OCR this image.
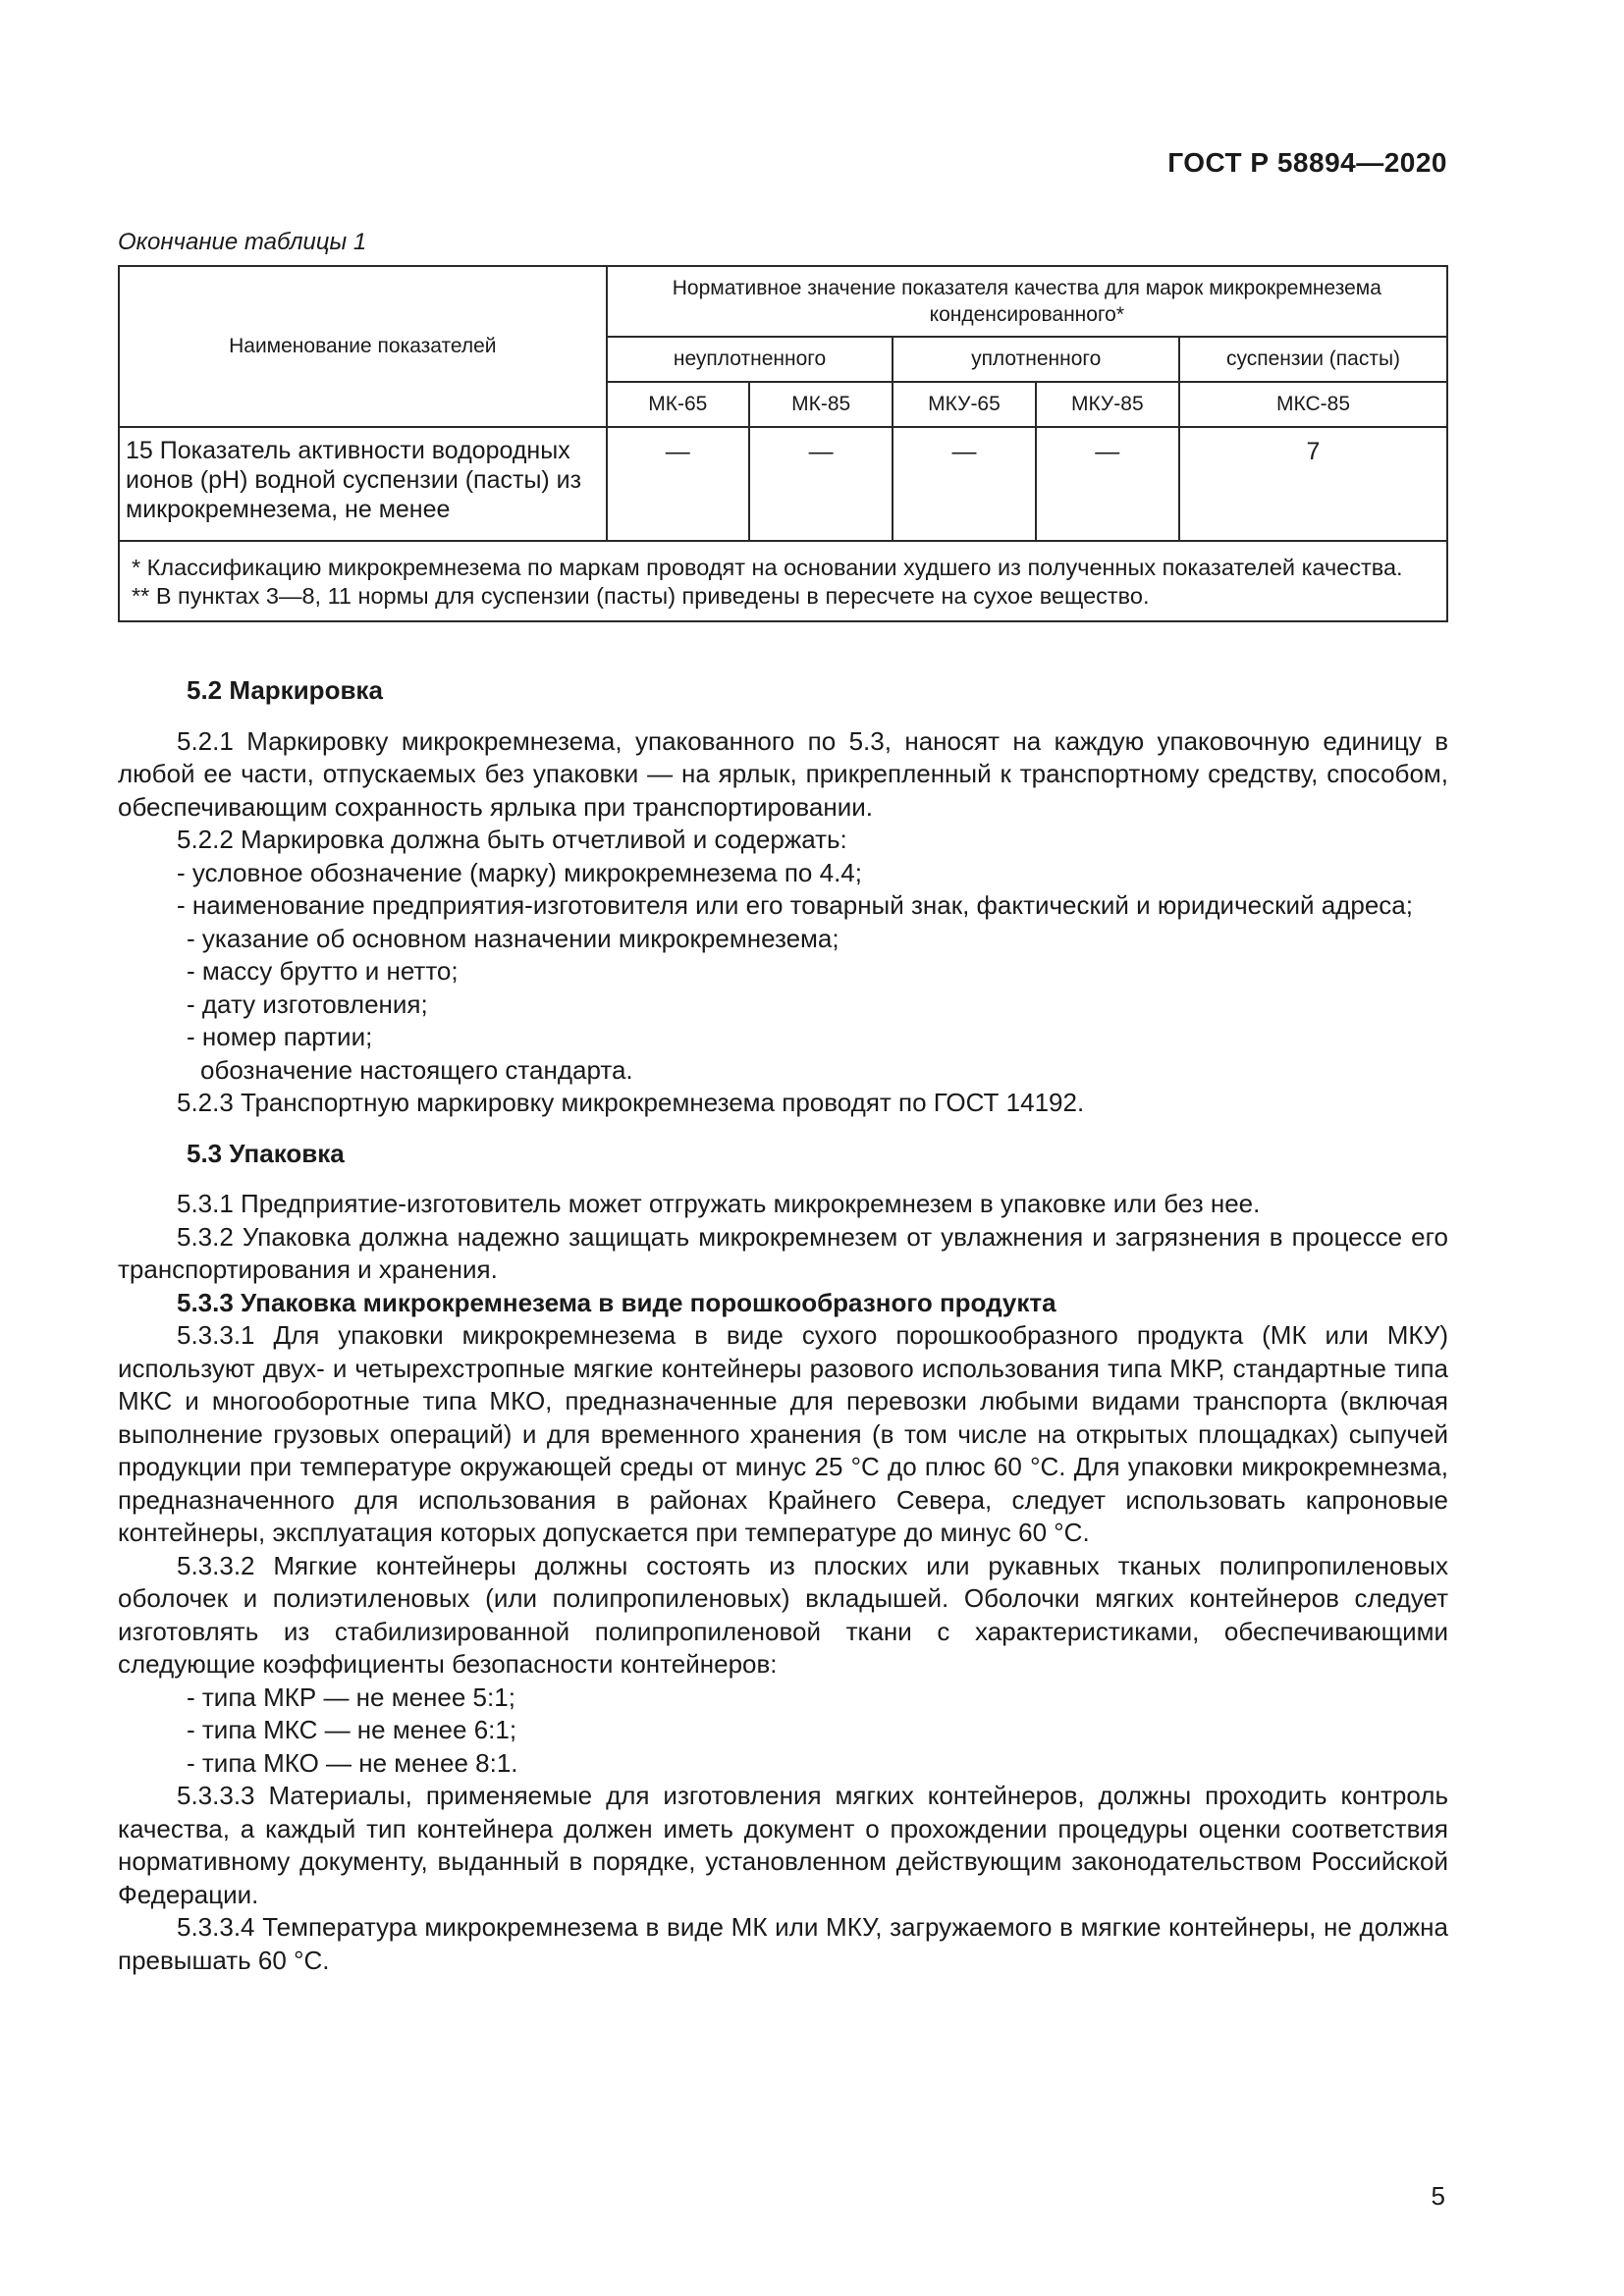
ГОСТ Р 58894—2020
Окончание таблицы 1
Наименование показателей	Нормативное значение показателя качества для марок микрокремнезема конденсированного*				
	неуплотненного		уплотненного		суспензии (пасты)
	МК-65	МК-85	МКУ-65	МКУ-85	МКС-85
15 Показатель активности водородных ионов (pH) водной суспензии (пасты) из микрокремнезема, не менее	—	—	—	—	7

* Классификацию микрокремнезема по маркам проводят на основании худшего из полученных показателей качества.
** В пунктах 3—8, 11 нормы для суспензии (пасты) приведены в пересчете на сухое вещество.					

5.2 Маркировка

5.2.1 Маркировку микрокремнезема, упакованного по 5.3, наносят на каждую упаковочную единицу в любой ее части, отпускаемых без упаковки — на ярлык, прикрепленный к транспортному средству, способом, обеспечивающим сохранность ярлыка при транспортировании.

5.2.2 Маркировка должна быть отчетливой и содержать:

- условное обозначение (марку) микрокремнезема по 4.4;

- наименование предприятия-изготовителя или его товарный знак, фактический и юридический адреса;

- указание об основном назначении микрокремнезема;

- массу брутто и нетто;

- дату изготовления;

- номер партии;

обозначение настоящего стандарта.

5.2.3 Транспортную маркировку микрокремнезема проводят по ГОСТ 14192.

5.3 Упаковка

5.3.1 Предприятие-изготовитель может отгружать микрокремнезем в упаковке или без нее.

5.3.2 Упаковка должна надежно защищать микрокремнезем от увлажнения и загрязнения в процессе его транспортирования и хранения.

5.3.3 Упаковка микрокремнезема в виде порошкообразного продукта

5.3.3.1 Для упаковки микрокремнезема в виде сухого порошкообразного продукта (МК или МКУ) используют двух- и четырехстропные мягкие контейнеры разового использования типа МКР, стандартные типа МКС и многооборотные типа МКО, предназначенные для перевозки любыми видами транспорта (включая выполнение грузовых операций) и для временного хранения (в том числе на открытых площадках) сыпучей продукции при температуре окружающей среды от минус 25 °С до плюс 60 °С. Для упаковки микрокремнезма, предназначенного для использования в районах Крайнего Севера, следует использовать капроновые контейнеры, эксплуатация которых допускается при температуре до минус 60 °С.

5.3.3.2 Мягкие контейнеры должны состоять из плоских или рукавных тканых полипропиленовых оболочек и полиэтиленовых (или полипропиленовых) вкладышей. Оболочки мягких контейнеров следует изготовлять из стабилизированной полипропиленовой ткани с характеристиками, обеспечивающими следующие коэффициенты безопасности контейнеров:

- типа МКР — не менее 5:1;

- типа МКС — не менее 6:1;

- типа МКО — не менее 8:1.

5.3.3.3 Материалы, применяемые для изготовления мягких контейнеров, должны проходить контроль качества, а каждый тип контейнера должен иметь документ о прохождении процедуры оценки соответствия нормативному документу, выданный в порядке, установленном действующим законодательством Российской Федерации.

5.3.3.4 Температура микрокремнезема в виде МК или МКУ, загружаемого в мягкие контейнеры, не должна превышать 60 °С.

5
